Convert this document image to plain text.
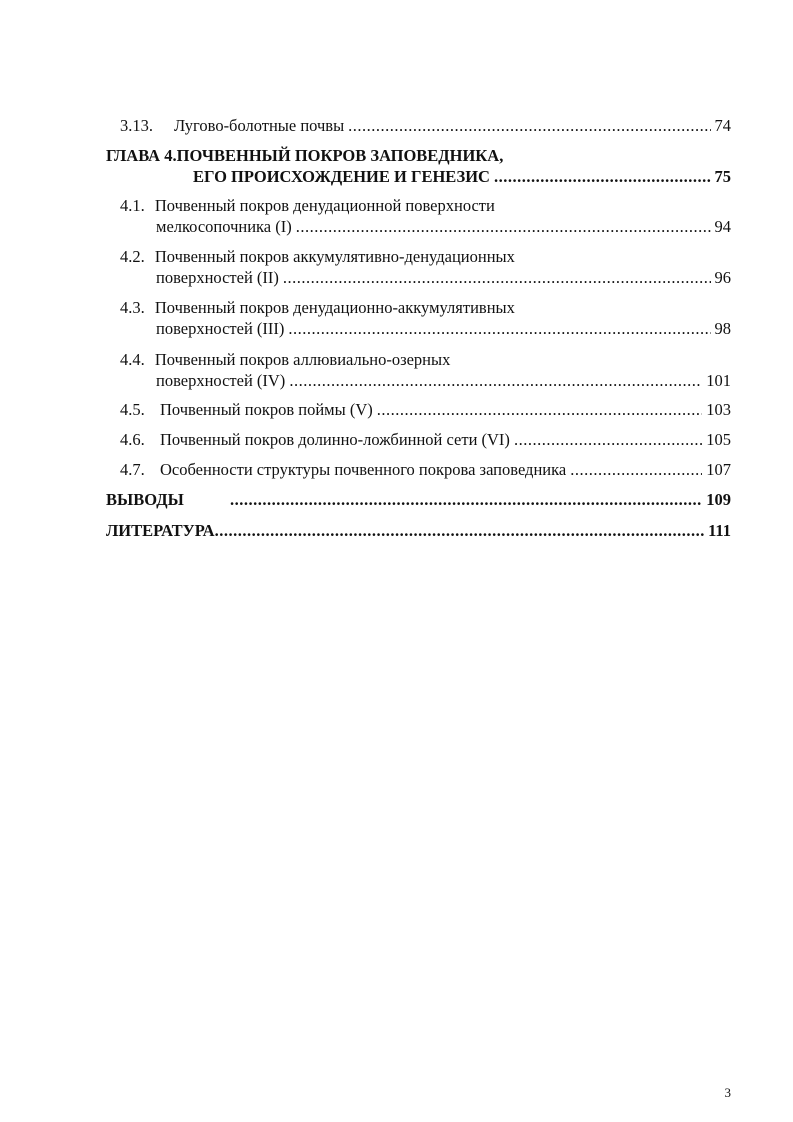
3.13.	Лугово-болотные почвы .....	74
ГЛАВА 4.ПОЧВЕННЫЙ ПОКРОВ ЗАПОВЕДНИКА,
ЕГО ПРОИСХОЖДЕНИЕ И ГЕНЕЗИС .....	75
4.1. Почвенный покров денудационной поверхности
мелкосопочника (I) .....	94
4.2. Почвенный покров аккумулятивно-денудационных
поверхностей (II) .....	96
4.3. Почвенный покров денудационно-аккумулятивных
поверхностей (III) .....	98
4.4. Почвенный покров аллювиально-озерных
поверхностей (IV) .....	101
4.5. Почвенный покров поймы (V) .....	103
4.6. Почвенный покров долинно-ложбинной сети (VI) .....	105
4.7. Особенности структуры почвенного покрова заповедника .....	107
ВЫВОДЫ .....	109
ЛИТЕРАТУРА .....	111
3
